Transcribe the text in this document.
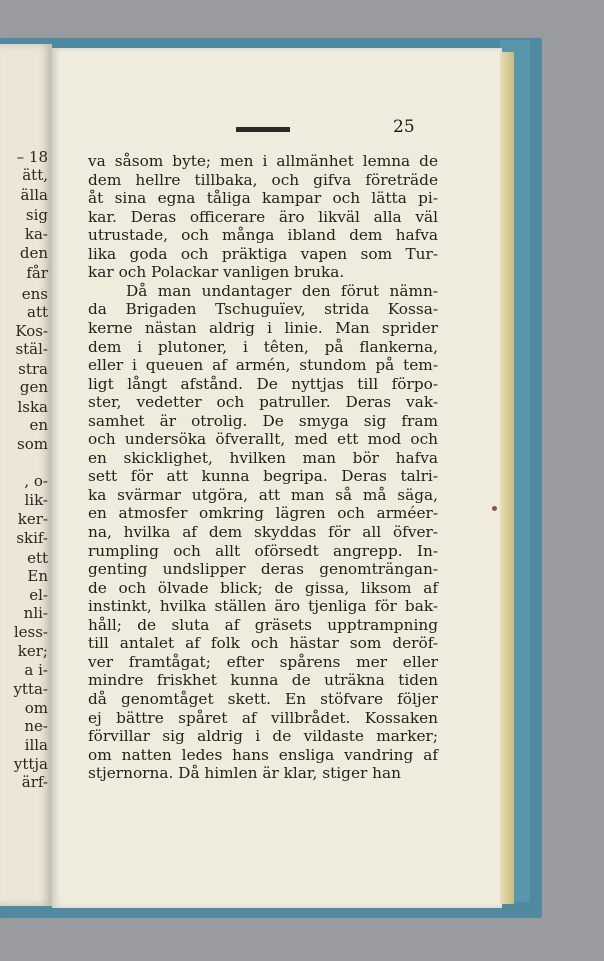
– 18
ätt,
älla
sig
ka-
den
får
ens
att
Kos-
stäl-
stra
gen
lska
en
som
, o-
lik-
ker-
skif-
ett
En
el-
nli-
less-
ker;
a i-
ytta-
om
ne-
illa
yttja
ärf-
25
va såsom byte; men i allmänhet lemna de
dem hellre tillbaka, och gifva företräde
åt sina egna tåliga kampar och lätta pi-
kar. Deras officerare äro likväl alla väl
utrustade, och många ibland dem hafva
lika goda och präktiga vapen som Tur-
kar och Polackar vanligen bruka.
Då man undantager den förut nämn-
da Brigaden Tschuguïev, strida Kossa-
kerne nästan aldrig i linie. Man sprider
dem i plutoner, i têten, på flankerna,
eller i queuen af armén, stundom på tem-
ligt långt afstånd. De nyttjas till förpo-
ster, vedetter och patruller. Deras vak-
samhet är otrolig. De smyga sig fram
och undersöka öfverallt, med ett mod och
en skicklighet, hvilken man bör hafva
sett för att kunna begripa. Deras talri-
ka svärmar utgöra, att man så må säga,
en atmosfer omkring lägren och arméer-
na, hvilka af dem skyddas för all öfver-
rumpling och allt oförsedt angrepp. In-
genting undslipper deras genomträngan-
de och ölvade blick; de gissa, liksom af
instinkt, hvilka ställen äro tjenliga för bak-
håll; de sluta af gräsets upptrampning
till antalet af folk och hästar som deröf-
ver framtågat; efter spårens mer eller
mindre friskhet kunna de uträkna tiden
då genomtåget skett. En stöfvare följer
ej bättre spåret af villbrådet. Kossaken
förvillar sig aldrig i de vildaste marker;
om natten ledes hans ensliga vandring af
stjernorna. Då himlen är klar, stiger han
